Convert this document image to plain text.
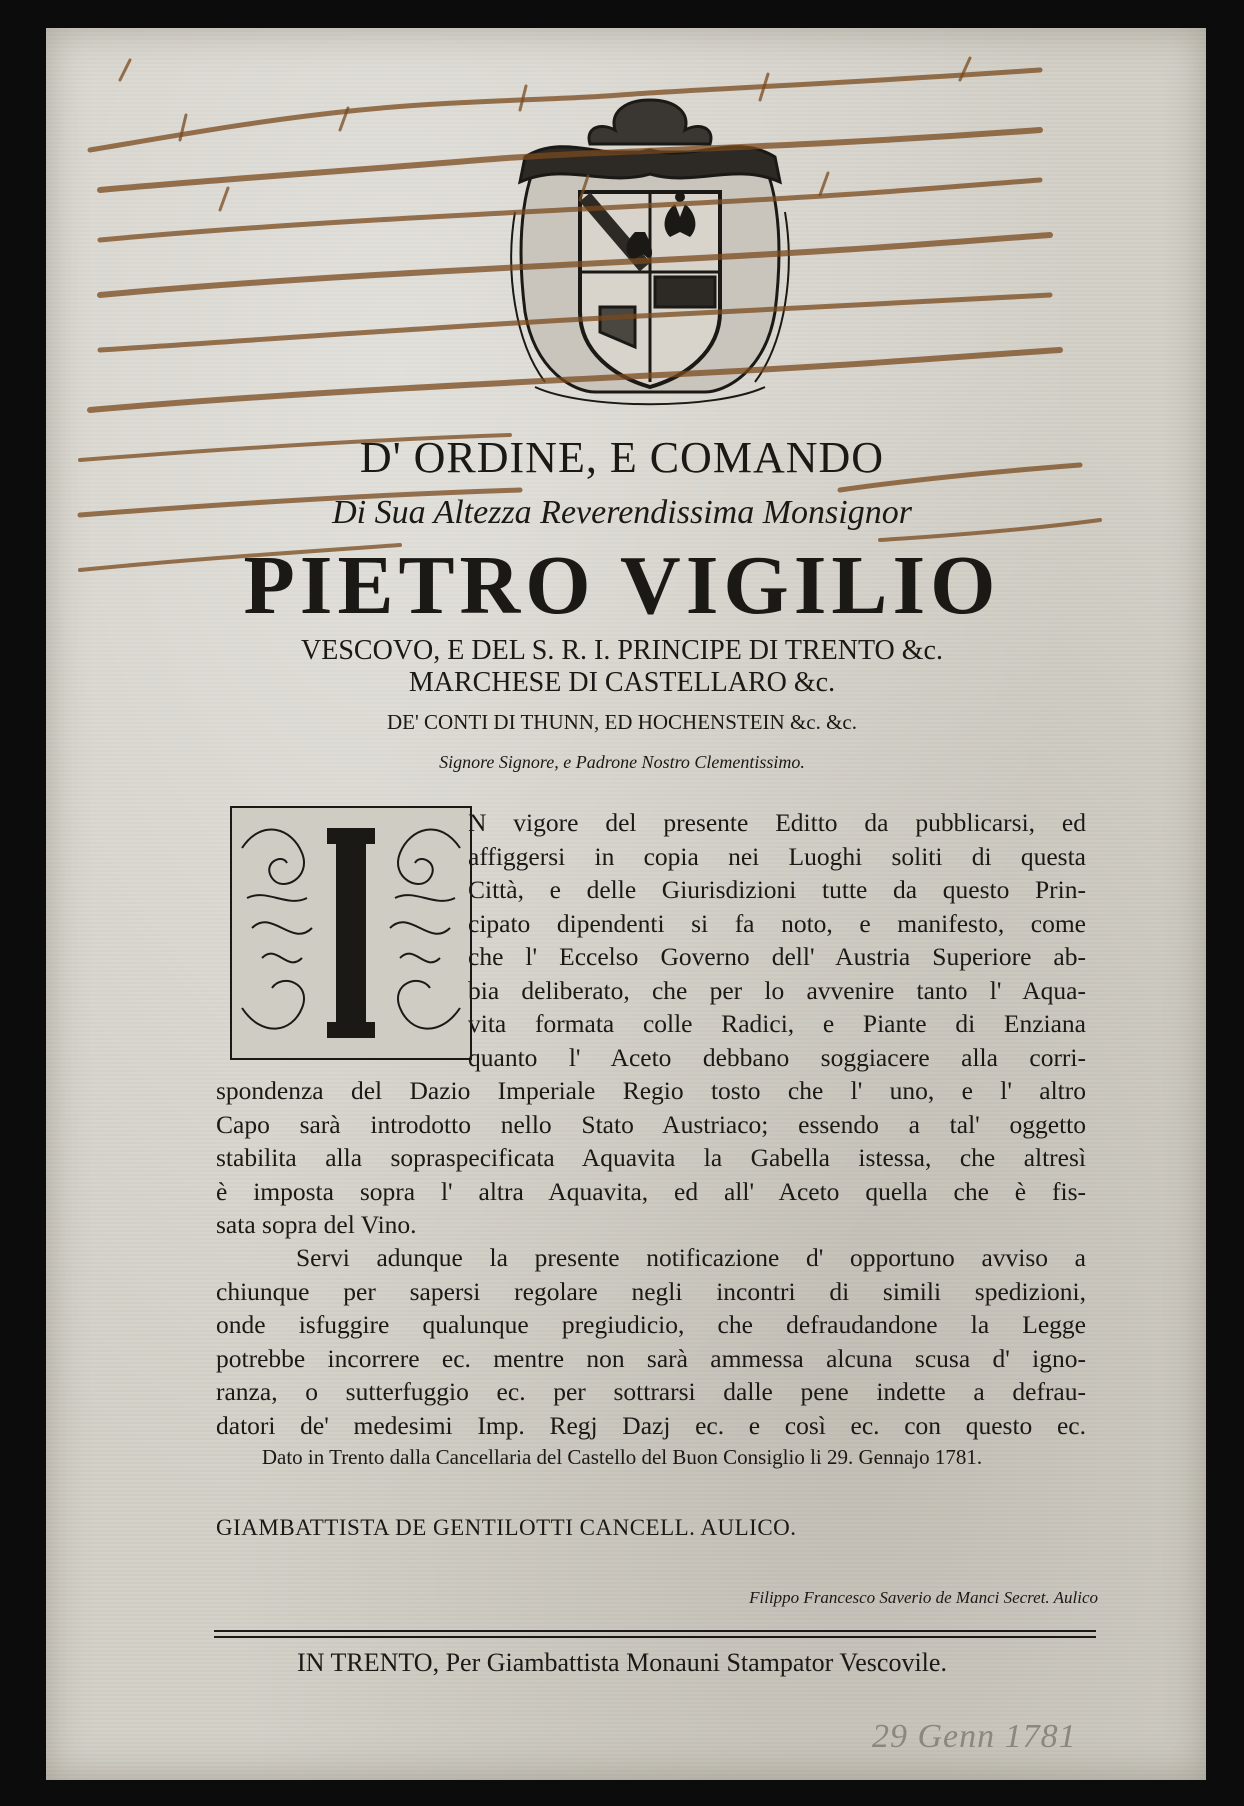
D' ORDINE, E COMANDO
Di Sua Altezza Reverendissima Monsignor
PIETRO VIGILIO
VESCOVO, E DEL S. R. I. PRINCIPE DI TRENTO &c.
MARCHESE DI CASTELLARO &c.
DE' CONTI DI THUNN, ED HOCHENSTEIN &c. &c.
Signore Signore, e Padrone Nostro Clementissimo.
N vigore del presente Editto da pubblicarsi, ed
affiggersi in copia nei Luoghi soliti di questa
Città, e delle Giurisdizioni tutte da questo Prin-
cipato dipendenti si fa noto, e manifesto, come
che l' Eccelso Governo dell' Austria Superiore ab-
bia deliberato, che per lo avvenire tanto l' Aqua-
vita formata colle Radici, e Piante di Enziana
quanto l' Aceto debbano soggiacere alla corri-
spondenza del Dazio Imperiale Regio tosto che l' uno, e l' altro
Capo sarà introdotto nello Stato Austriaco; essendo a tal' oggetto
stabilita alla sopraspecificata Aquavita la Gabella istessa, che altresì
è imposta sopra l' altra Aquavita, ed all' Aceto quella che è fis-
sata sopra del Vino.
Servi adunque la presente notificazione d' opportuno avviso a
chiunque per sapersi regolare negli incontri di simili spedizioni,
onde isfuggire qualunque pregiudicio, che defraudandone la Legge
potrebbe incorrere ec. mentre non sarà ammessa alcuna scusa d' igno-
ranza, o sutterfuggio ec. per sottrarsi dalle pene indette a defrau-
datori de' medesimi Imp. Regj Dazj ec. e così ec. con questo ec.
Dato in Trento dalla Cancellaria del Castello del Buon Consiglio li 29. Gennajo 1781.
GIAMBATTISTA DE GENTILOTTI CANCELL. AULICO.
Filippo Francesco Saverio de Manci Secret. Aulico
IN TRENTO, Per Giambattista Monauni Stampator Vescovile.
29 Genn 1781
